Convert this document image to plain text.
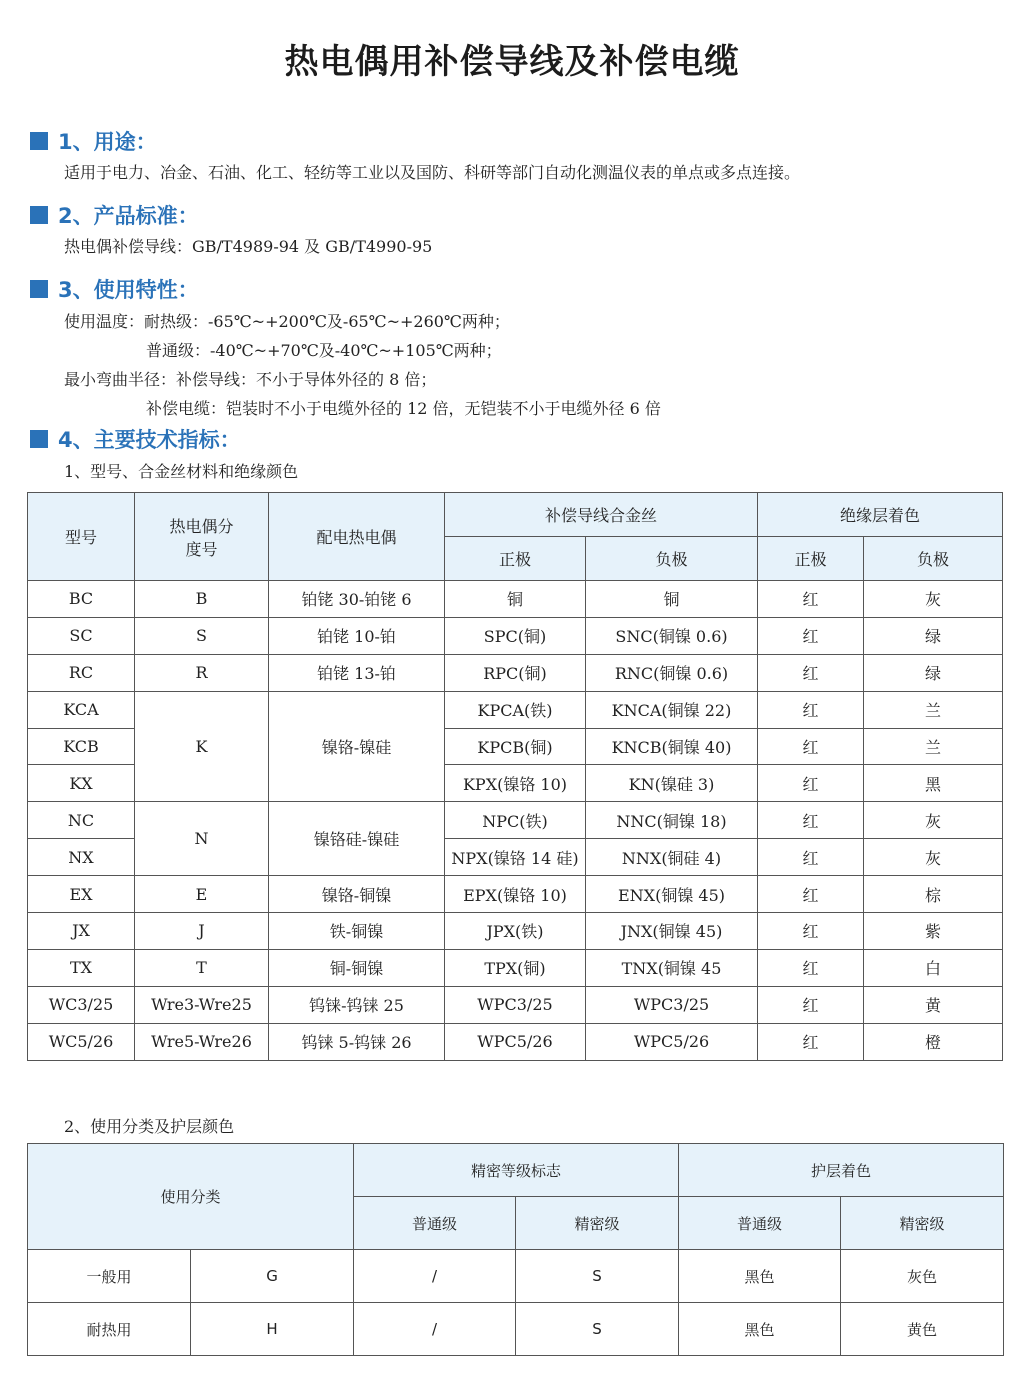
热电偶用补偿导线及补偿电缆
1、用途：
适用于电力、冶金、石油、化工、轻纺等工业以及国防、科研等部门自动化测温仪表的单点或多点连接。
2、产品标准：
热电偶补偿导线：GB/T4989-94 及 GB/T4990-95
3、使用特性：
使用温度：耐热级：-65℃~+200℃及-65℃~+260℃两种；
普通级：-40℃~+70℃及-40℃~+105℃两种；
最小弯曲半径：补偿导线：不小于导体外径的 8 倍；
补偿电缆：铠装时不小于电缆外径的 12 倍，无铠装不小于电缆外径 6 倍
4、主要技术指标：
1、型号、合金丝材料和绝缘颜色
型号	热电偶分度号	配电热电偶	补偿导线合金丝		绝缘层着色	
			正极	负极	正极	负极
BC	B	铂铑 30-铂铑 6	铜	铜	红	灰
SC	S	铂铑 10-铂	SPC(铜)	SNC(铜镍 0.6)	红	绿
RC	R	铂铑 13-铂	RPC(铜)	RNC(铜镍 0.6)	红	绿
KCA	K	镍铬-镍硅	KPCA(铁)	KNCA(铜镍 22)	红	兰
KCB			KPCB(铜)	KNCB(铜镍 40)	红	兰
KX			KPX(镍铬 10)	KN(镍硅 3)	红	黑
NC	N	镍铬硅-镍硅	NPC(铁)	NNC(铜镍 18)	红	灰
NX			NPX(镍铬 14 硅)	NNX(铜硅 4)	红	灰
EX	E	镍铬-铜镍	EPX(镍铬 10)	ENX(铜镍 45)	红	棕
JX	J	铁-铜镍	JPX(铁)	JNX(铜镍 45)	红	紫
TX	T	铜-铜镍	TPX(铜)	TNX(铜镍 45	红	白
WC3/25	Wre3-Wre25	钨铼-钨铼 25	WPC3/25	WPC3/25	红	黄
WC5/26	Wre5-Wre26	钨铼 5-钨铼 26	WPC5/26	WPC5/26	红	橙
2、使用分类及护层颜色
使用分类		精密等级标志		护层着色	
		普通级	精密级	普通级	精密级
一般用	G	/	S	黑色	灰色
耐热用	H	/	S	黑色	黄色
